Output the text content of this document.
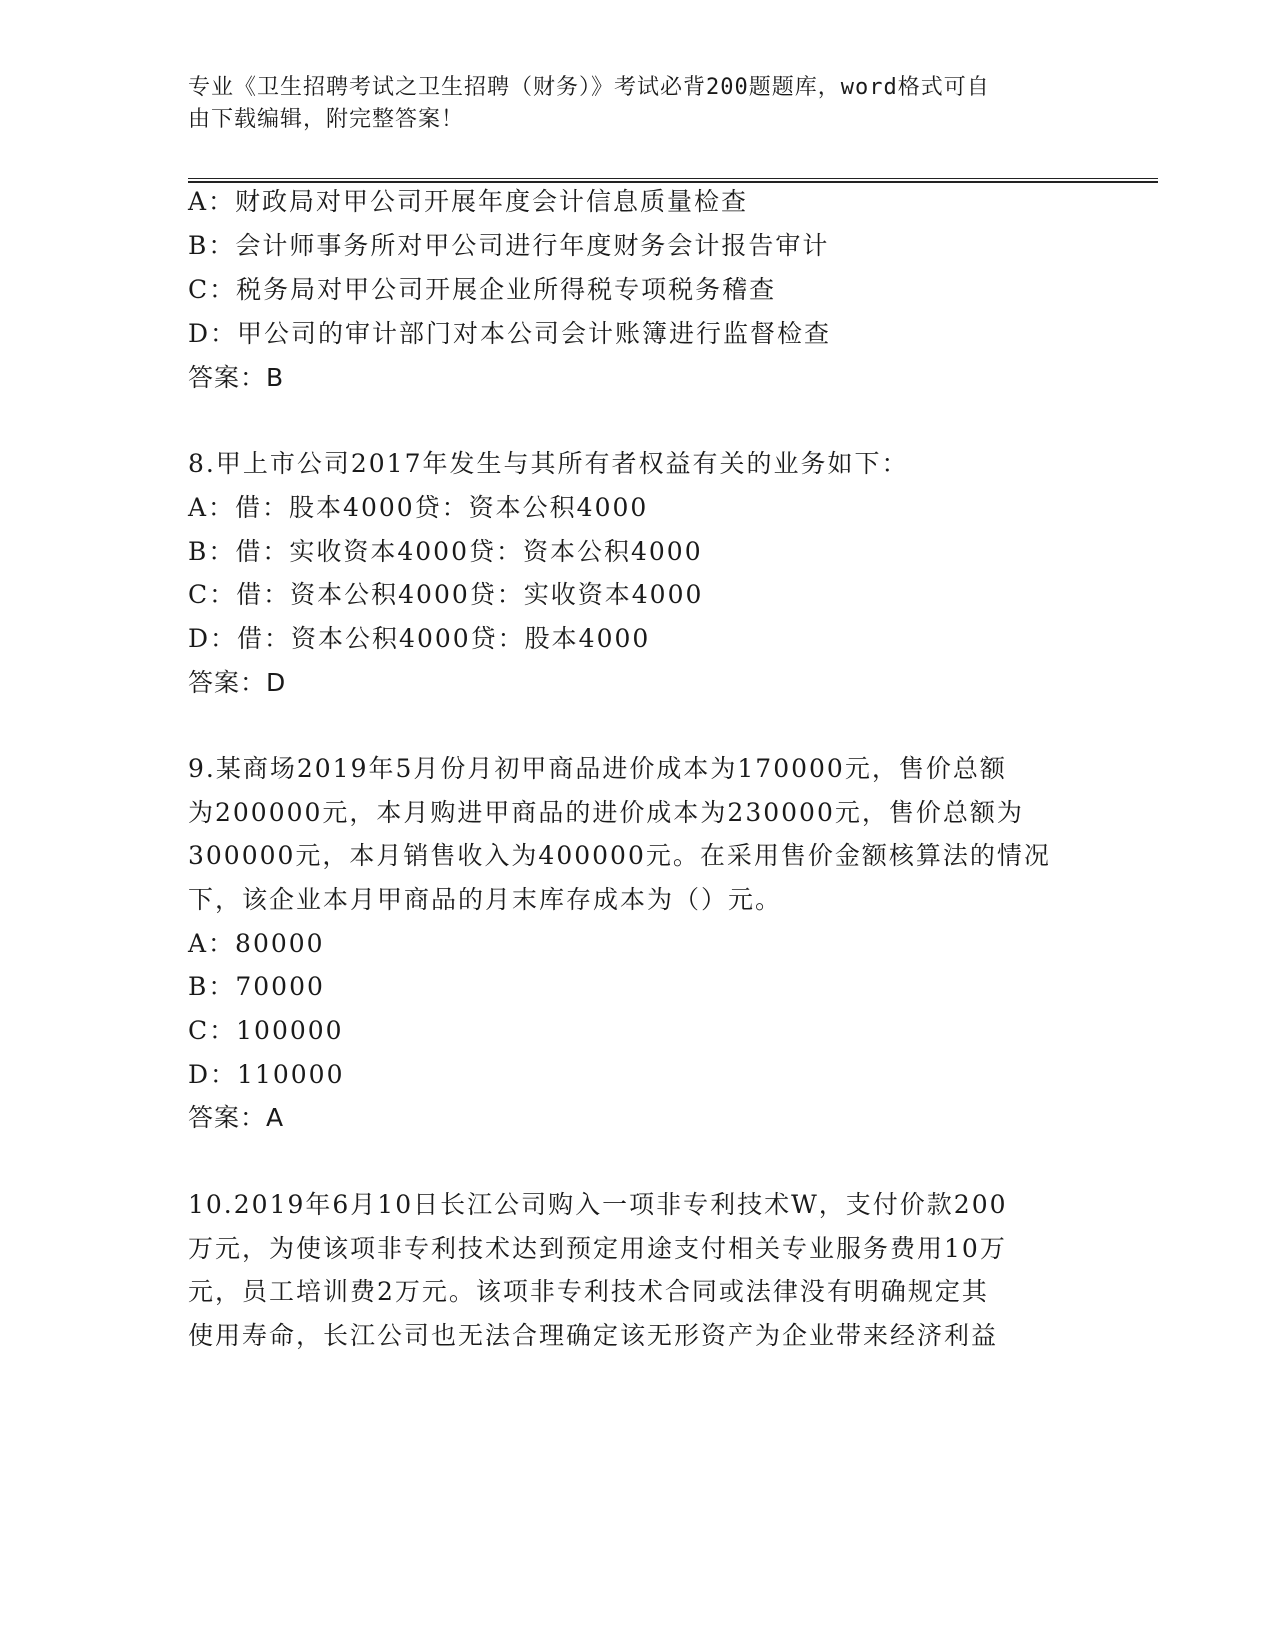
专业《卫生招聘考试之卫生招聘（财务）》考试必背200题题库，word格式可自

由下载编辑，附完整答案！

A：财政局对甲公司开展年度会计信息质量检查
B：会计师事务所对甲公司进行年度财务会计报告审计
C：税务局对甲公司开展企业所得税专项税务稽查
D：甲公司的审计部门对本公司会计账簿进行监督检查
答案：B
8.甲上市公司2017年发生与其所有者权益有关的业务如下：
A：借：股本4000贷：资本公积4000
B：借：实收资本4000贷：资本公积4000
C：借：资本公积4000贷：实收资本4000
D：借：资本公积4000贷：股本4000
答案：D
9.某商场2019年5月份月初甲商品进价成本为170000元，售价总额
为200000元，本月购进甲商品的进价成本为230000元，售价总额为
300000元，本月销售收入为400000元。在采用售价金额核算法的情况
下，该企业本月甲商品的月末库存成本为（）元。
A：80000
B：70000
C：100000
D：110000
答案：A
10.2019年6月10日长江公司购入一项非专利技术W，支付价款200
万元，为使该项非专利技术达到预定用途支付相关专业服务费用10万
元，员工培训费2万元。该项非专利技术合同或法律没有明确规定其
使用寿命，长江公司也无法合理确定该无形资产为企业带来经济利益
